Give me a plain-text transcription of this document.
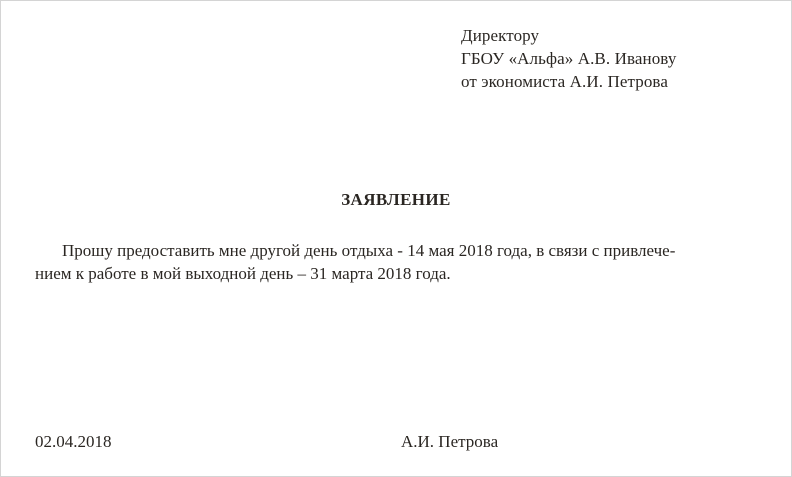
Директору
ГБОУ «Альфа» А.В. Иванову
от экономиста А.И. Петрова
ЗАЯВЛЕНИЕ
Прошу предоставить мне другой день отдыха - 14 мая 2018 года, в связи с привлече-
нием к работе в мой выходной день – 31 марта 2018 года.
02.04.2018	А.И. Петрова
